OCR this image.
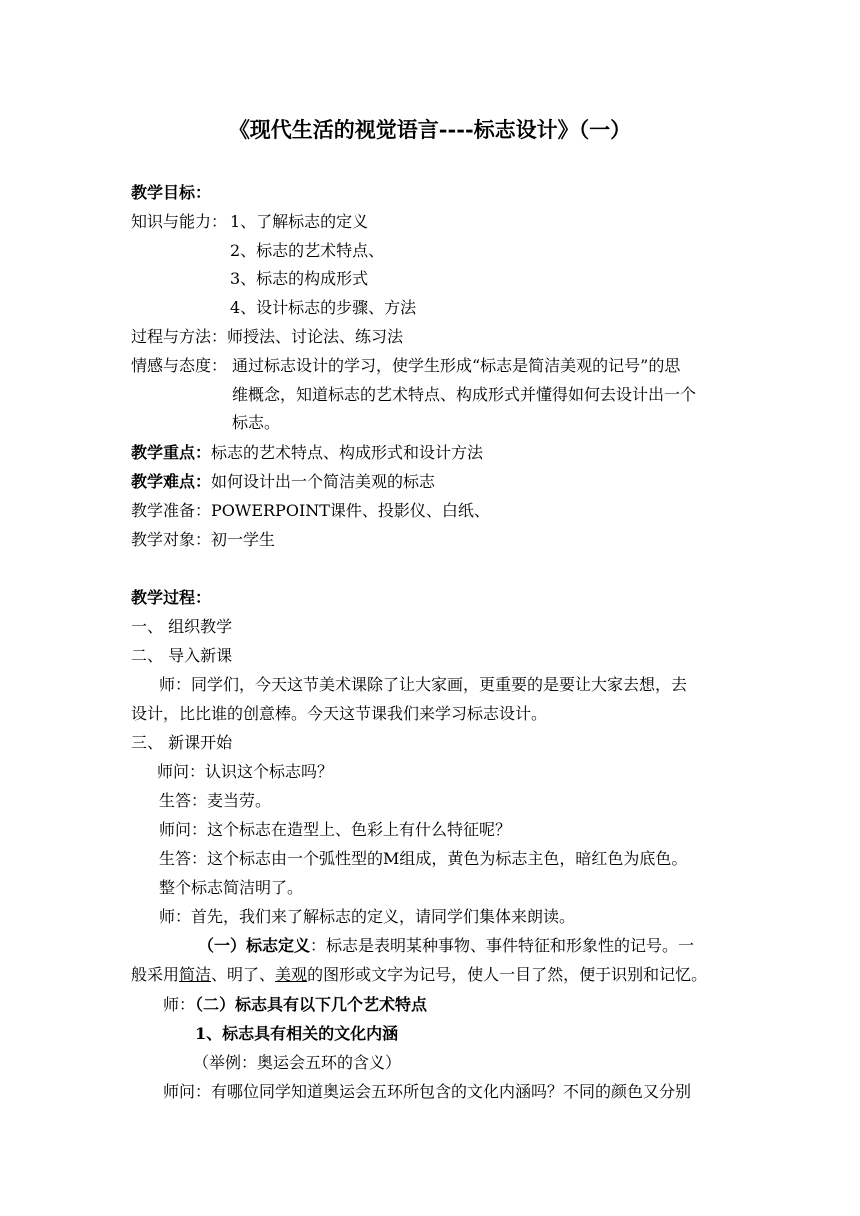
《现代生活的视觉语言----标志设计》（一）
教学目标：
知识与能力： 1、了解标志的定义
2、标志的艺术特点、
3、标志的构成形式
4、设计标志的步骤、方法
过程与方法：师授法、讨论法、练习法
情感与态度： 通过标志设计的学习，使学生形成“标志是简洁美观的记号”的思
维概念，知道标志的艺术特点、构成形式并懂得如何去设计出一个
标志。
教学重点：标志的艺术特点、构成形式和设计方法
教学难点：如何设计出一个简洁美观的标志
教学准备：POWERPOINT课件、投影仪、白纸、
教学对象：初一学生
教学过程：
一、 组织教学
二、 导入新课
师：同学们，今天这节美术课除了让大家画，更重要的是要让大家去想，去
设计，比比谁的创意棒。今天这节课我们来学习标志设计。
三、 新课开始
师问：认识这个标志吗？
生答：麦当劳。
师问：这个标志在造型上、色彩上有什么特征呢？
生答：这个标志由一个弧性型的M组成，黄色为标志主色，暗红色为底色。
整个标志简洁明了。
师：首先，我们来了解标志的定义，请同学们集体来朗读。
（一）标志定义：标志是表明某种事物、事件特征和形象性的记号。一
般采用简洁、明了、美观的图形或文字为记号，使人一目了然，便于识别和记忆。
师：（二）标志具有以下几个艺术特点
1、标志具有相关的文化内涵
（举例：奥运会五环的含义）
师问：有哪位同学知道奥运会五环所包含的文化内涵吗？不同的颜色又分别
